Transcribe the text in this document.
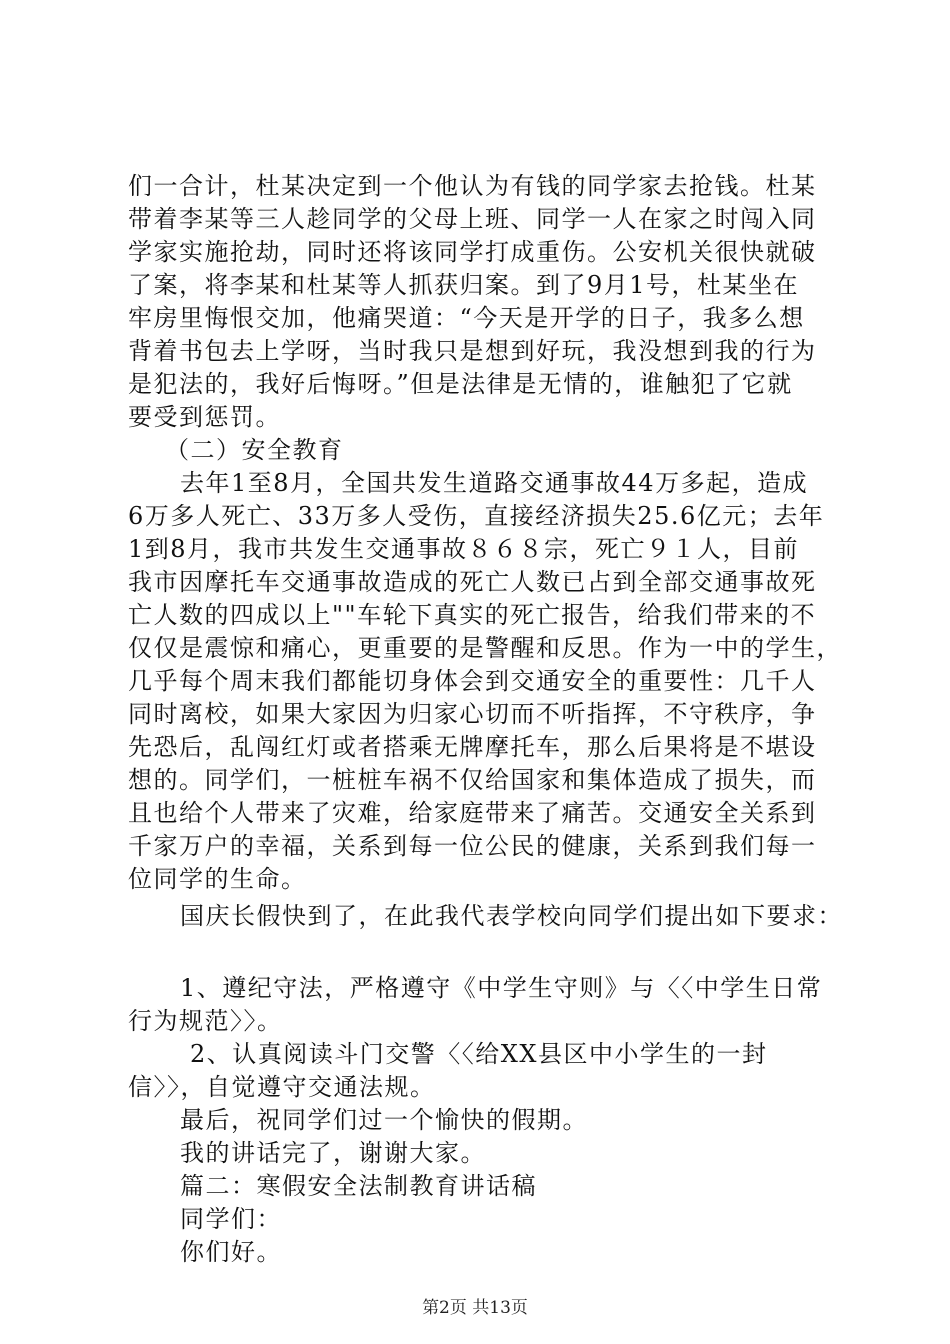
们一合计，杜某决定到一个他认为有钱的同学家去抢钱。杜某
带着李某等三人趁同学的父母上班、同学一人在家之时闯入同
学家实施抢劫，同时还将该同学打成重伤。公安机关很快就破
了案，将李某和杜某等人抓获归案。到了9月1号，杜某坐在
牢房里悔恨交加，他痛哭道：“今天是开学的日子，我多么想
背着书包去上学呀，当时我只是想到好玩，我没想到我的行为
是犯法的，我好后悔呀。”但是法律是无情的，谁触犯了它就
要受到惩罚。
（二）安全教育
去年1至8月，全国共发生道路交通事故44万多起，造成
6万多人死亡、33万多人受伤，直接经济损失25.6亿元；去年
1到8月，我市共发生交通事故８６８宗，死亡９１人，目前
我市因摩托车交通事故造成的死亡人数已占到全部交通事故死
亡人数的四成以上""车轮下真实的死亡报告，给我们带来的不
仅仅是震惊和痛心，更重要的是警醒和反思。作为一中的学生，
几乎每个周末我们都能切身体会到交通安全的重要性：几千人
同时离校，如果大家因为归家心切而不听指挥，不守秩序，争
先恐后，乱闯红灯或者搭乘无牌摩托车，那么后果将是不堪设
想的。同学们，一桩桩车祸不仅给国家和集体造成了损失，而
且也给个人带来了灾难，给家庭带来了痛苦。交通安全关系到
千家万户的幸福，关系到每一位公民的健康，关系到我们每一
位同学的生命。
国庆长假快到了，在此我代表学校向同学们提出如下要求：
1、遵纪守法，严格遵守《中学生守则》与〈〈中学生日常
行为规范〉〉。
2、认真阅读斗门交警〈〈给XX县区中小学生的一封
信〉〉，自觉遵守交通法规。
最后，祝同学们过一个愉快的假期。
我的讲话完了，谢谢大家。
篇二：寒假安全法制教育讲话稿
同学们：
你们好。
第2页 共13页
